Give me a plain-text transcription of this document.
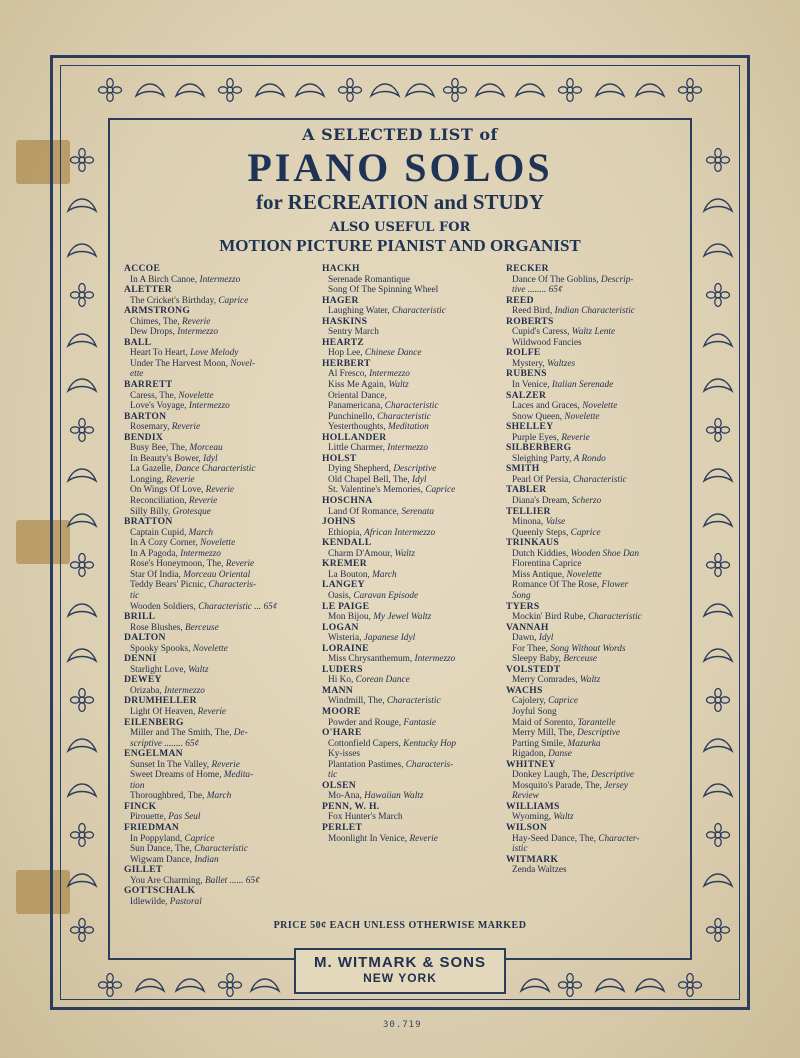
A SELECTED LIST of
PIANO SOLOS
for RECREATION and STUDY
ALSO USEFUL FOR
MOTION PICTURE PIANIST AND ORGANIST
ACCOE
In A Birch Canoe, Intermezzo
ALETTER
The Cricket's Birthday, Caprice
ARMSTRONG
Chimes, The, Reverie
Dew Drops, Intermezzo
BALL
Heart To Heart, Love Melody
Under The Harvest Moon, Novel-
ette
BARRETT
Caress, The, Novelette
Love's Voyage, Intermezzo
BARTON
Rosemary, Reverie
BENDIX
Busy Bee, The, Morceau
In Beauty's Bower, Idyl
La Gazelle, Dance Characteristic
Longing, Reverie
On Wings Of Love, Reverie
Reconciliation, Reverie
Silly Billy, Grotesque
BRATTON
Captain Cupid, March
In A Cozy Corner, Novelette
In A Pagoda, Intermezzo
Rose's Honeymoon, The, Reverie
Star Of India, Morceau Oriental
Teddy Bears' Picnic, Characteris-
tic
Wooden Soldiers, Characteristic ... 65¢
BRILL
Rose Blushes, Berceuse
DALTON
Spooky Spooks, Novelette
DENNI
Starlight Love, Waltz
DEWEY
Orizaba, Intermezzo
DRUMHELLER
Light Of Heaven, Reverie
EILENBERG
Miller and The Smith, The, De-
scriptive ........ 65¢
ENGELMAN
Sunset In The Valley, Reverie
Sweet Dreams of Home, Medita-
tion
Thoroughbred, The, March
FINCK
Pirouette, Pas Seul
FRIEDMAN
In Poppyland, Caprice
Sun Dance, The, Characteristic
Wigwam Dance, Indian
GILLET
You Are Charming, Ballet ...... 65¢
GOTTSCHALK
Idlewilde, Pastoral
HACKH
Serenade Romantique
Song Of The Spinning Wheel
HAGER
Laughing Water, Characteristic
HASKINS
Sentry March
HEARTZ
Hop Lee, Chinese Dance
HERBERT
Al Fresco, Intermezzo
Kiss Me Again, Waltz
Oriental Dance,
Panamericana, Characteristic
Punchinello, Characteristic
Yesterthoughts, Meditation
HOLLANDER
Little Charmer, Intermezzo
HOLST
Dying Shepherd, Descriptive
Old Chapel Bell, The, Idyl
St. Valentine's Memories, Caprice
HOSCHNA
Land Of Romance, Serenata
JOHNS
Ethiopia, African Intermezzo
KENDALL
Charm D'Amour, Waltz
KREMER
La Bouton, March
LANGEY
Oasis, Caravan Episode
LE PAIGE
Mon Bijou, My Jewel Waltz
LOGAN
Wisteria, Japanese Idyl
LORAINE
Miss Chrysanthemum, Intermezzo
LUDERS
Hi Ko, Corean Dance
MANN
Windmill, The, Characteristic
MOORE
Powder and Rouge, Fantasie
O'HARE
Cottonfield Capers, Kentucky Hop
Ky-isses
Plantation Pastimes, Characteris-
tic
OLSEN
Mo-Ana, Hawaiian Waltz
PENN, W. H.
Fox Hunter's March
PERLET
Moonlight In Venice, Reverie
RECKER
Dance Of The Goblins, Descrip-
tive ........ 65¢
REED
Reed Bird, Indian Characteristic
ROBERTS
Cupid's Caress, Waltz Lente
Wildwood Fancies
ROLFE
Mystery, Waltzes
RUBENS
In Venice, Italian Serenade
SALZER
Laces and Graces, Novelette
Snow Queen, Novelette
SHELLEY
Purple Eyes, Reverie
SILBERBERG
Sleighing Party, A Rondo
SMITH
Pearl Of Persia, Characteristic
TABLER
Diana's Dream, Scherzo
TELLIER
Minona, Valse
Queenly Steps, Caprice
TRINKAUS
Dutch Kiddies, Wooden Shoe Dan
Florentina Caprice
Miss Antique, Novelette
Romance Of The Rose, Flower
Song
TYERS
Mockin' Bird Rube, Characteristic
VANNAH
Dawn, Idyl
For Thee, Song Without Words
Sleepy Baby, Berceuse
VOLSTEDT
Merry Comrades, Waltz
WACHS
Cajolery, Caprice
Joyful Song
Maid of Sorento, Tarantelle
Merry Mill, The, Descriptive
Parting Smile, Mazurka
Rigadon, Danse
WHITNEY
Donkey Laugh, The, Descriptive
Mosquito's Parade, The, Jersey
Review
WILLIAMS
Wyoming, Waltz
WILSON
Hay-Seed Dance, The, Character-
istic
WITMARK
Zenda Waltzes
PRICE 50¢ EACH UNLESS OTHERWISE MARKED
M. WITMARK & SONS
NEW YORK
30.719
